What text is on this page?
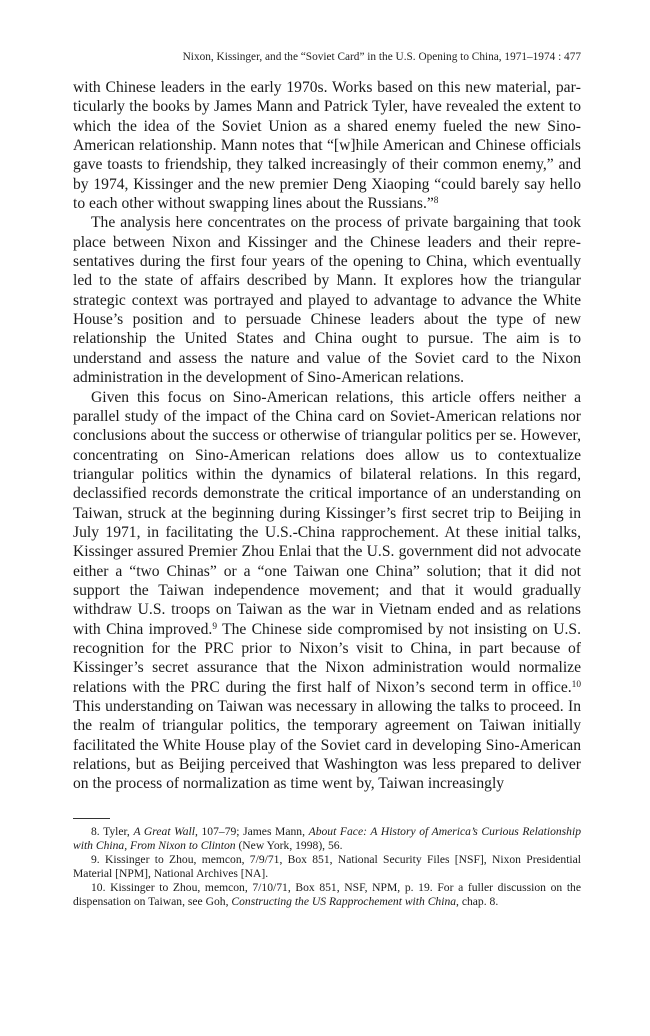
Nixon, Kissinger, and the “Soviet Card” in the U.S. Opening to China, 1971–1974 : 477

with Chinese leaders in the early 1970s. Works based on this new material, particularly the books by James Mann and Patrick Tyler, have revealed the extent to which the idea of the Soviet Union as a shared enemy fueled the new Sino-American relationship. Mann notes that “[w]hile American and Chinese officials gave toasts to friendship, they talked increasingly of their common enemy,” and by 1974, Kissinger and the new premier Deng Xiaoping “could barely say hello to each other without swapping lines about the Russians.”$^8$

The analysis here concentrates on the process of private bargaining that took place between Nixon and Kissinger and the Chinese leaders and their representatives during the first four years of the opening to China, which eventually led to the state of affairs described by Mann. It explores how the triangular strategic context was portrayed and played to advantage to advance the White House’s position and to persuade Chinese leaders about the type of new relationship the United States and China ought to pursue. The aim is to understand and assess the nature and value of the Soviet card to the Nixon administration in the development of Sino-American relations.

Given this focus on Sino-American relations, this article offers neither a parallel study of the impact of the China card on Soviet-American relations nor conclusions about the success or otherwise of triangular politics per se. However, concentrating on Sino-American relations does allow us to contextualize triangular politics within the dynamics of bilateral relations. In this regard, declassified records demonstrate the critical importance of an understanding on Taiwan, struck at the beginning during Kissinger’s first secret trip to Beijing in July 1971, in facilitating the U.S.-China rapprochement. At these initial talks, Kissinger assured Premier Zhou Enlai that the U.S. government did not advocate either a “two Chinas” or a “one Taiwan one China” solution; that it did not support the Taiwan independence movement; and that it would gradually withdraw U.S. troops on Taiwan as the war in Vietnam ended and as relations with China improved.$^9$ The Chinese side compromised by not insisting on U.S. recognition for the PRC prior to Nixon’s visit to China, in part because of Kissinger’s secret assurance that the Nixon administration would normalize relations with the PRC during the first half of Nixon’s second term in office.$^{10}$ This understanding on Taiwan was necessary in allowing the talks to proceed. In the realm of triangular politics, the temporary agreement on Taiwan initially facilitated the White House play of the Soviet card in developing Sino-American relations, but as Beijing perceived that Washington was less prepared to deliver on the process of normalization as time went by, Taiwan increasingly

8. Tyler, A Great Wall, 107–79; James Mann, About Face: A History of America’s Curious Relationship with China, From Nixon to Clinton (New York, 1998), 56.

9. Kissinger to Zhou, memcon, 7/9/71, Box 851, National Security Files [NSF], Nixon Presidential Material [NPM], National Archives [NA].

10. Kissinger to Zhou, memcon, 7/10/71, Box 851, NSF, NPM, p. 19. For a fuller discussion on the dispensation on Taiwan, see Goh, Constructing the US Rapprochement with China, chap. 8.
